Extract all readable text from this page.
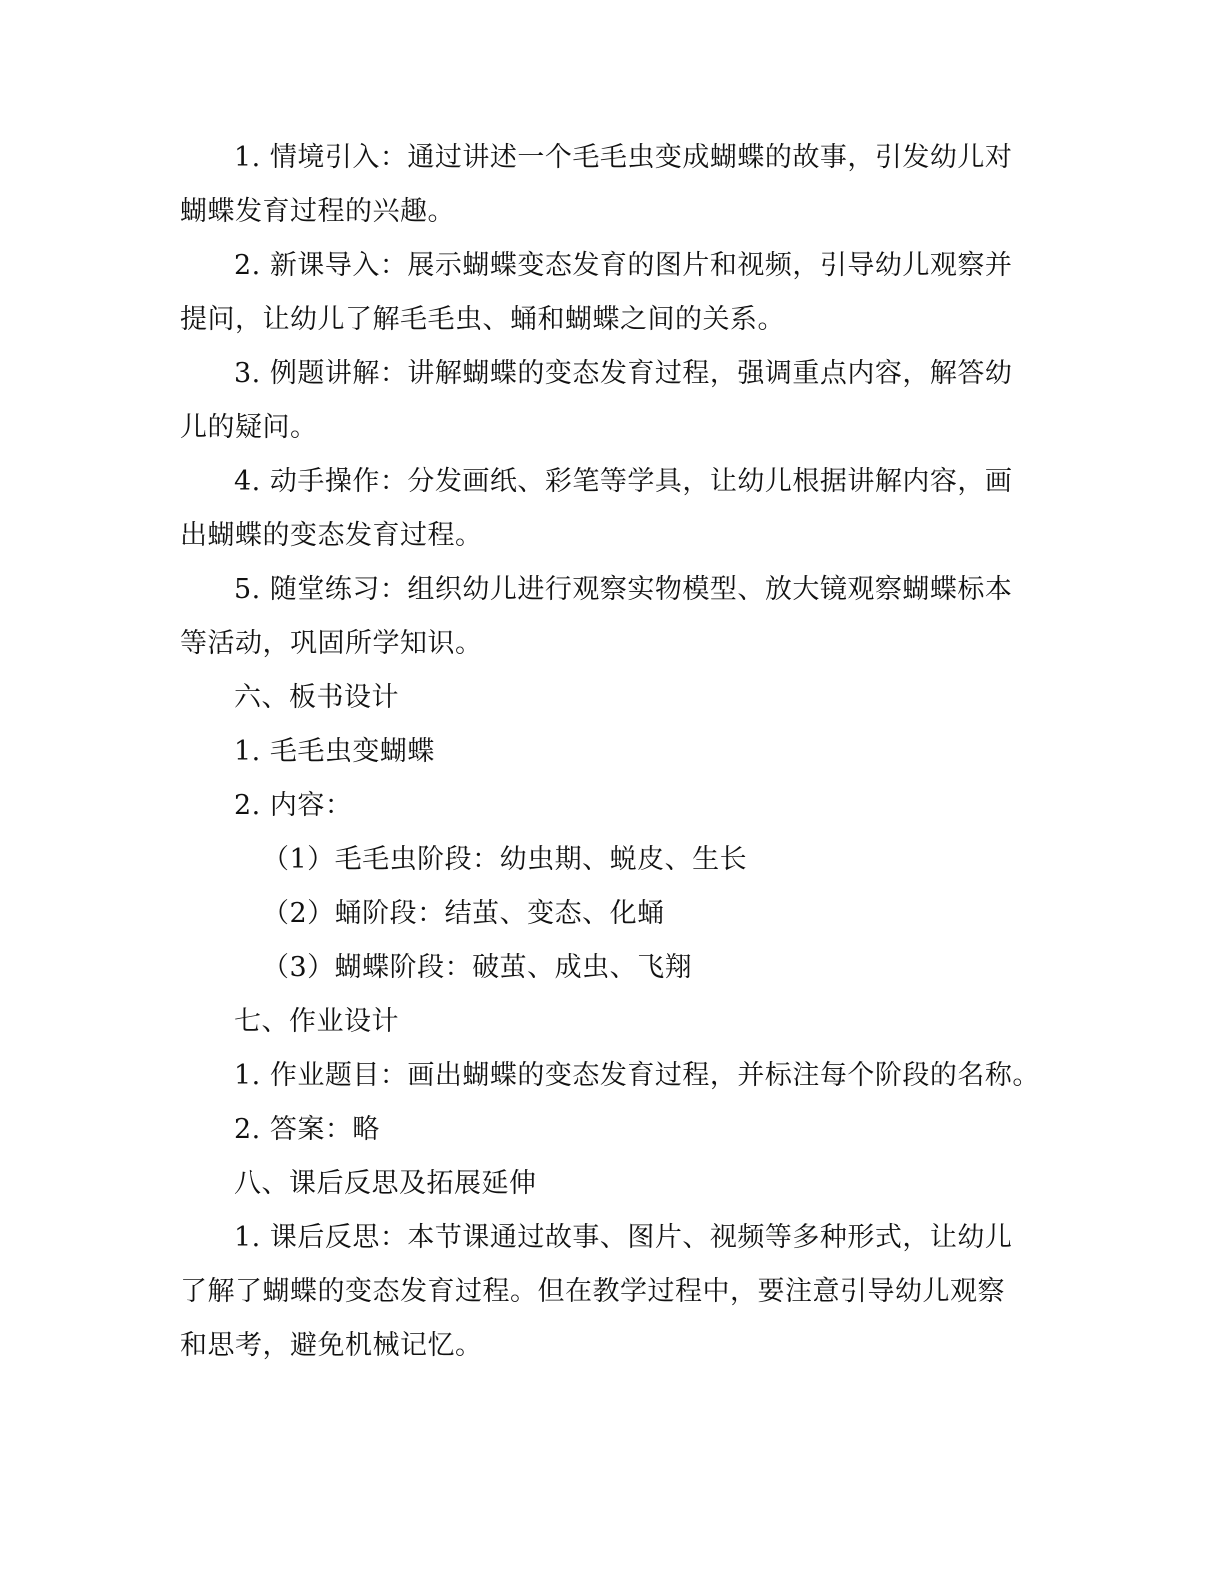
1. 情境引入：通过讲述一个毛毛虫变成蝴蝶的故事，引发幼儿对
蝴蝶发育过程的兴趣。
2. 新课导入：展示蝴蝶变态发育的图片和视频，引导幼儿观察并
提问，让幼儿了解毛毛虫、蛹和蝴蝶之间的关系。
3. 例题讲解：讲解蝴蝶的变态发育过程，强调重点内容，解答幼
儿的疑问。
4. 动手操作：分发画纸、彩笔等学具，让幼儿根据讲解内容，画
出蝴蝶的变态发育过程。
5. 随堂练习：组织幼儿进行观察实物模型、放大镜观察蝴蝶标本
等活动，巩固所学知识。
六、板书设计
1. 毛毛虫变蝴蝶
2. 内容：
（1）毛毛虫阶段：幼虫期、蜕皮、生长
（2）蛹阶段：结茧、变态、化蛹
（3）蝴蝶阶段：破茧、成虫、飞翔
七、作业设计
1. 作业题目：画出蝴蝶的变态发育过程，并标注每个阶段的名称。
2. 答案：略
八、课后反思及拓展延伸
1. 课后反思：本节课通过故事、图片、视频等多种形式，让幼儿
了解了蝴蝶的变态发育过程。但在教学过程中，要注意引导幼儿观察
和思考，避免机械记忆。
